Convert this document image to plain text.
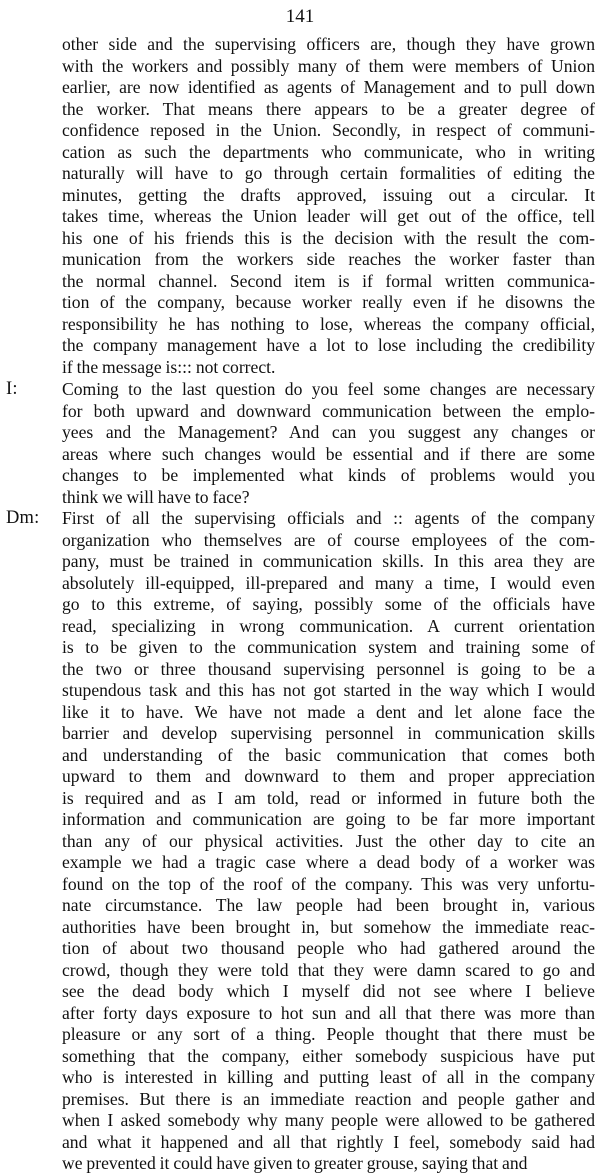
141
other side and the supervising officers are, though they have grown
with the workers and possibly many of them were members of Union
earlier, are now identified as agents of Management and to pull down
the worker. That means there appears to be a greater degree of
confidence reposed in the Union. Secondly, in respect of communi-
cation as such the departments who communicate, who in writing
naturally will have to go through certain formalities of editing the
minutes, getting the drafts approved, issuing out a circular. It
takes time, whereas the Union leader will get out of the office, tell
his one of his friends this is the decision with the result the com-
munication from the workers side reaches the worker faster than
the normal channel. Second item is if formal written communica-
tion of the company, because worker really even if he disowns the
responsibility he has nothing to lose, whereas the company official,
the company management have a lot to lose including the credibility
if the message is::: not correct.
I:	Coming to the last question do you feel some changes are necessary
for both upward and downward communication between the emplo-
yees and the Management? And can you suggest any changes or
areas where such changes would be essential and if there are some
changes to be implemented what kinds of problems would you
think we will have to face?
Dm: First of all the supervising officials and :: agents of the company
organization who themselves are of course employees of the com-
pany, must be trained in communication skills. In this area they are
absolutely ill-equipped, ill-prepared and many a time, I would even
go to this extreme, of saying, possibly some of the officials have
read, specializing in wrong communication. A current orientation
is to be given to the communication system and training some of
the two or three thousand supervising personnel is going to be a
stupendous task and this has not got started in the way which I would
like it to have. We have not made a dent and let alone face the
barrier and develop supervising personnel in communication skills
and understanding of the basic communication that comes both
upward to them and downward to them and proper appreciation
is required and as I am told, read or informed in future both the
information and communication are going to be far more important
than any of our physical activities. Just the other day to cite an
example we had a tragic case where a dead body of a worker was
found on the top of the roof of the company. This was very unfortu-
nate circumstance. The law people had been brought in, various
authorities have been brought in, but somehow the immediate reac-
tion of about two thousand people who had gathered around the
crowd, though they were told that they were damn scared to go and
see the dead body which I myself did not see where I believe
after forty days exposure to hot sun and all that there was more than
pleasure or any sort of a thing. People thought that there must be
something that the company, either somebody suspicious have put
who is interested in killing and putting least of all in the company
premises. But there is an immediate reaction and people gather and
when I asked somebody why many people were allowed to be gathered
and what it happened and all that rightly I feel, somebody said had
we prevented it could have given to greater grouse, saying that and
